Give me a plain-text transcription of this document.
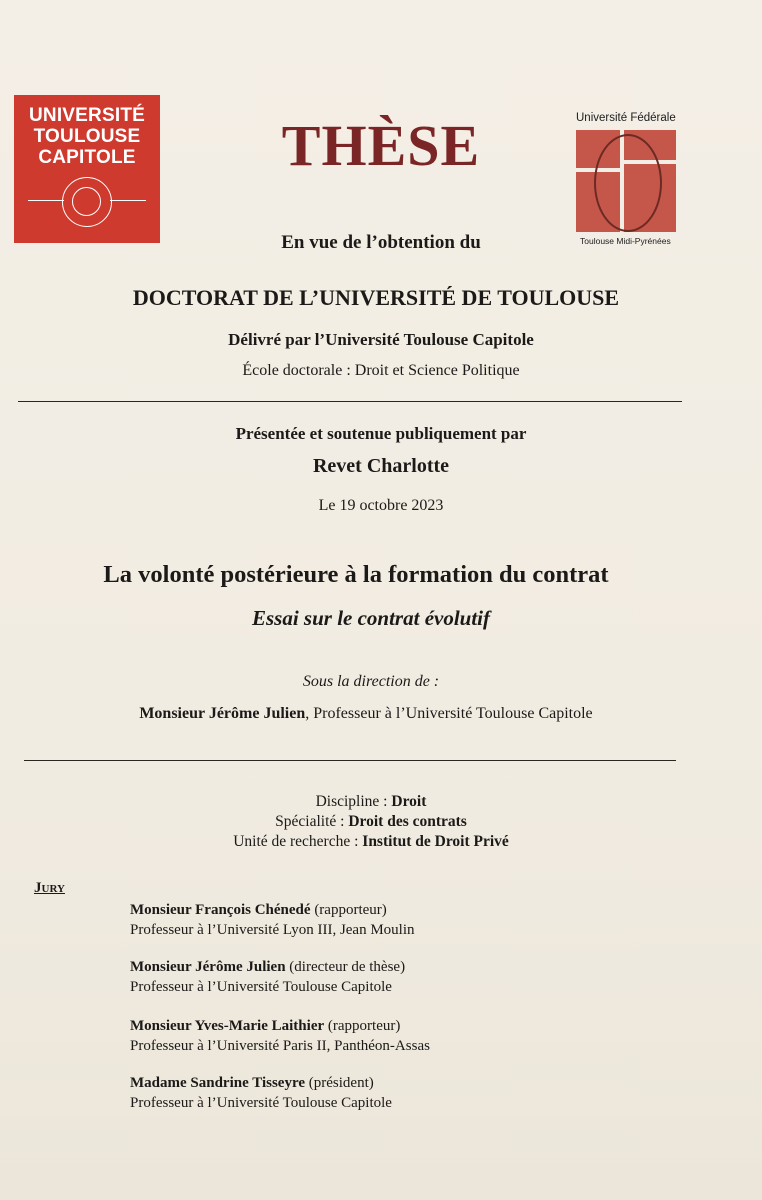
UNIVERSITÉ
TOULOUSE
CAPITOLE
Université Fédérale
Toulouse Midi-Pyrénées
THÈSE
En vue de l’obtention du
DOCTORAT DE L’UNIVERSITÉ DE TOULOUSE
Délivré par l’Université Toulouse Capitole
École doctorale : Droit et Science Politique
Présentée et soutenue publiquement par
Revet Charlotte
Le 19 octobre 2023
La volonté postérieure à la formation du contrat
Essai sur le contrat évolutif
Sous la direction de :
Monsieur Jérôme Julien, Professeur à l’Université Toulouse Capitole
Discipline : Droit
Spécialité : Droit des contrats
Unité de recherche : Institut de Droit Privé
Jury
Monsieur François Chénedé (rapporteur)
Professeur à l’Université Lyon III, Jean Moulin
Monsieur Jérôme Julien (directeur de thèse)
Professeur à l’Université Toulouse Capitole
Monsieur Yves-Marie Laithier (rapporteur)
Professeur à l’Université Paris II, Panthéon-Assas
Madame Sandrine Tisseyre (président)
Professeur à l’Université Toulouse Capitole
